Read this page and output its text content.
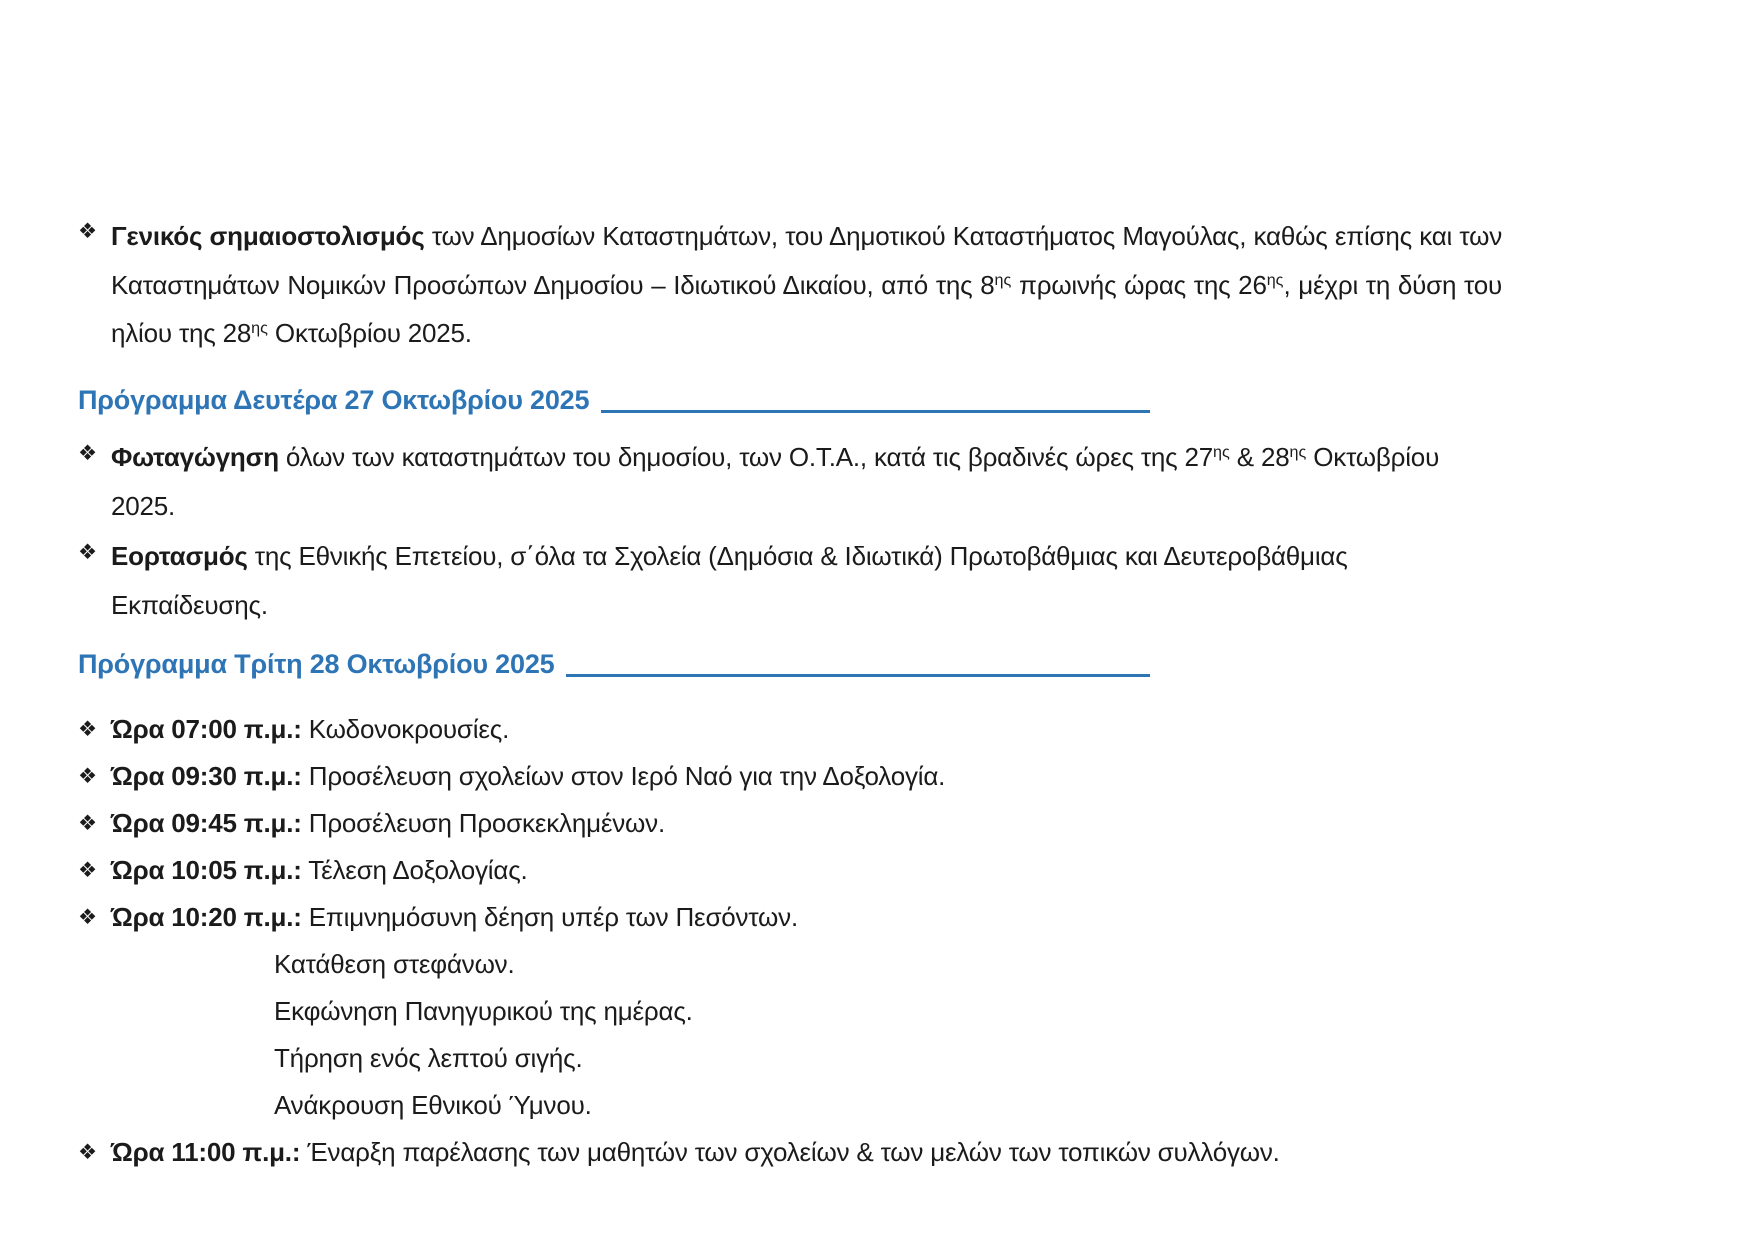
❖ Γενικός σημαιοστολισμός των Δημοσίων Καταστημάτων, του Δημοτικού Καταστήματος Μαγούλας, καθώς επίσης και των Καταστημάτων Νομικών Προσώπων Δημοσίου – Ιδιωτικού Δικαίου, από της $8^{\eta\varsigma}$ πρωινής ώρας της $26^{\eta\varsigma}$, μέχρι τη δύση του ηλίου της $28^{\eta\varsigma}$ Οκτωβρίου 2025.
Πρόγραμμα Δευτέρα 27 Οκτωβρίου 2025
❖ Φωταγώγηση όλων των καταστημάτων του δημοσίου, των Ο.Τ.Α., κατά τις βραδινές ώρες της $27^{\eta\varsigma}$ & $28^{\eta\varsigma}$ Οκτωβρίου 2025.
❖ Εορτασμός της Εθνικής Επετείου, σ΄όλα τα Σχολεία (Δημόσια & Ιδιωτικά) Πρωτοβάθμιας και Δευτεροβάθμιας Εκπαίδευσης.
Πρόγραμμα Τρίτη 28 Οκτωβρίου 2025
❖ Ώρα 07:00 π.μ.: Κωδονοκρουσίες.
❖ Ώρα 09:30 π.μ.: Προσέλευση σχολείων στον Ιερό Ναό για την Δοξολογία.
❖ Ώρα 09:45 π.μ.: Προσέλευση Προσκεκλημένων.
❖ Ώρα 10:05 π.μ.: Τέλεση Δοξολογίας.
❖ Ώρα 10:20 π.μ.: Επιμνημόσυνη δέηση υπέρ των Πεσόντων.
Κατάθεση στεφάνων.
Εκφώνηση Πανηγυρικού της ημέρας.
Τήρηση ενός λεπτού σιγής.
Ανάκρουση Εθνικού Ύμνου.
❖ Ώρα 11:00 π.μ.: Έναρξη παρέλασης των μαθητών των σχολείων & των μελών των τοπικών συλλόγων.
